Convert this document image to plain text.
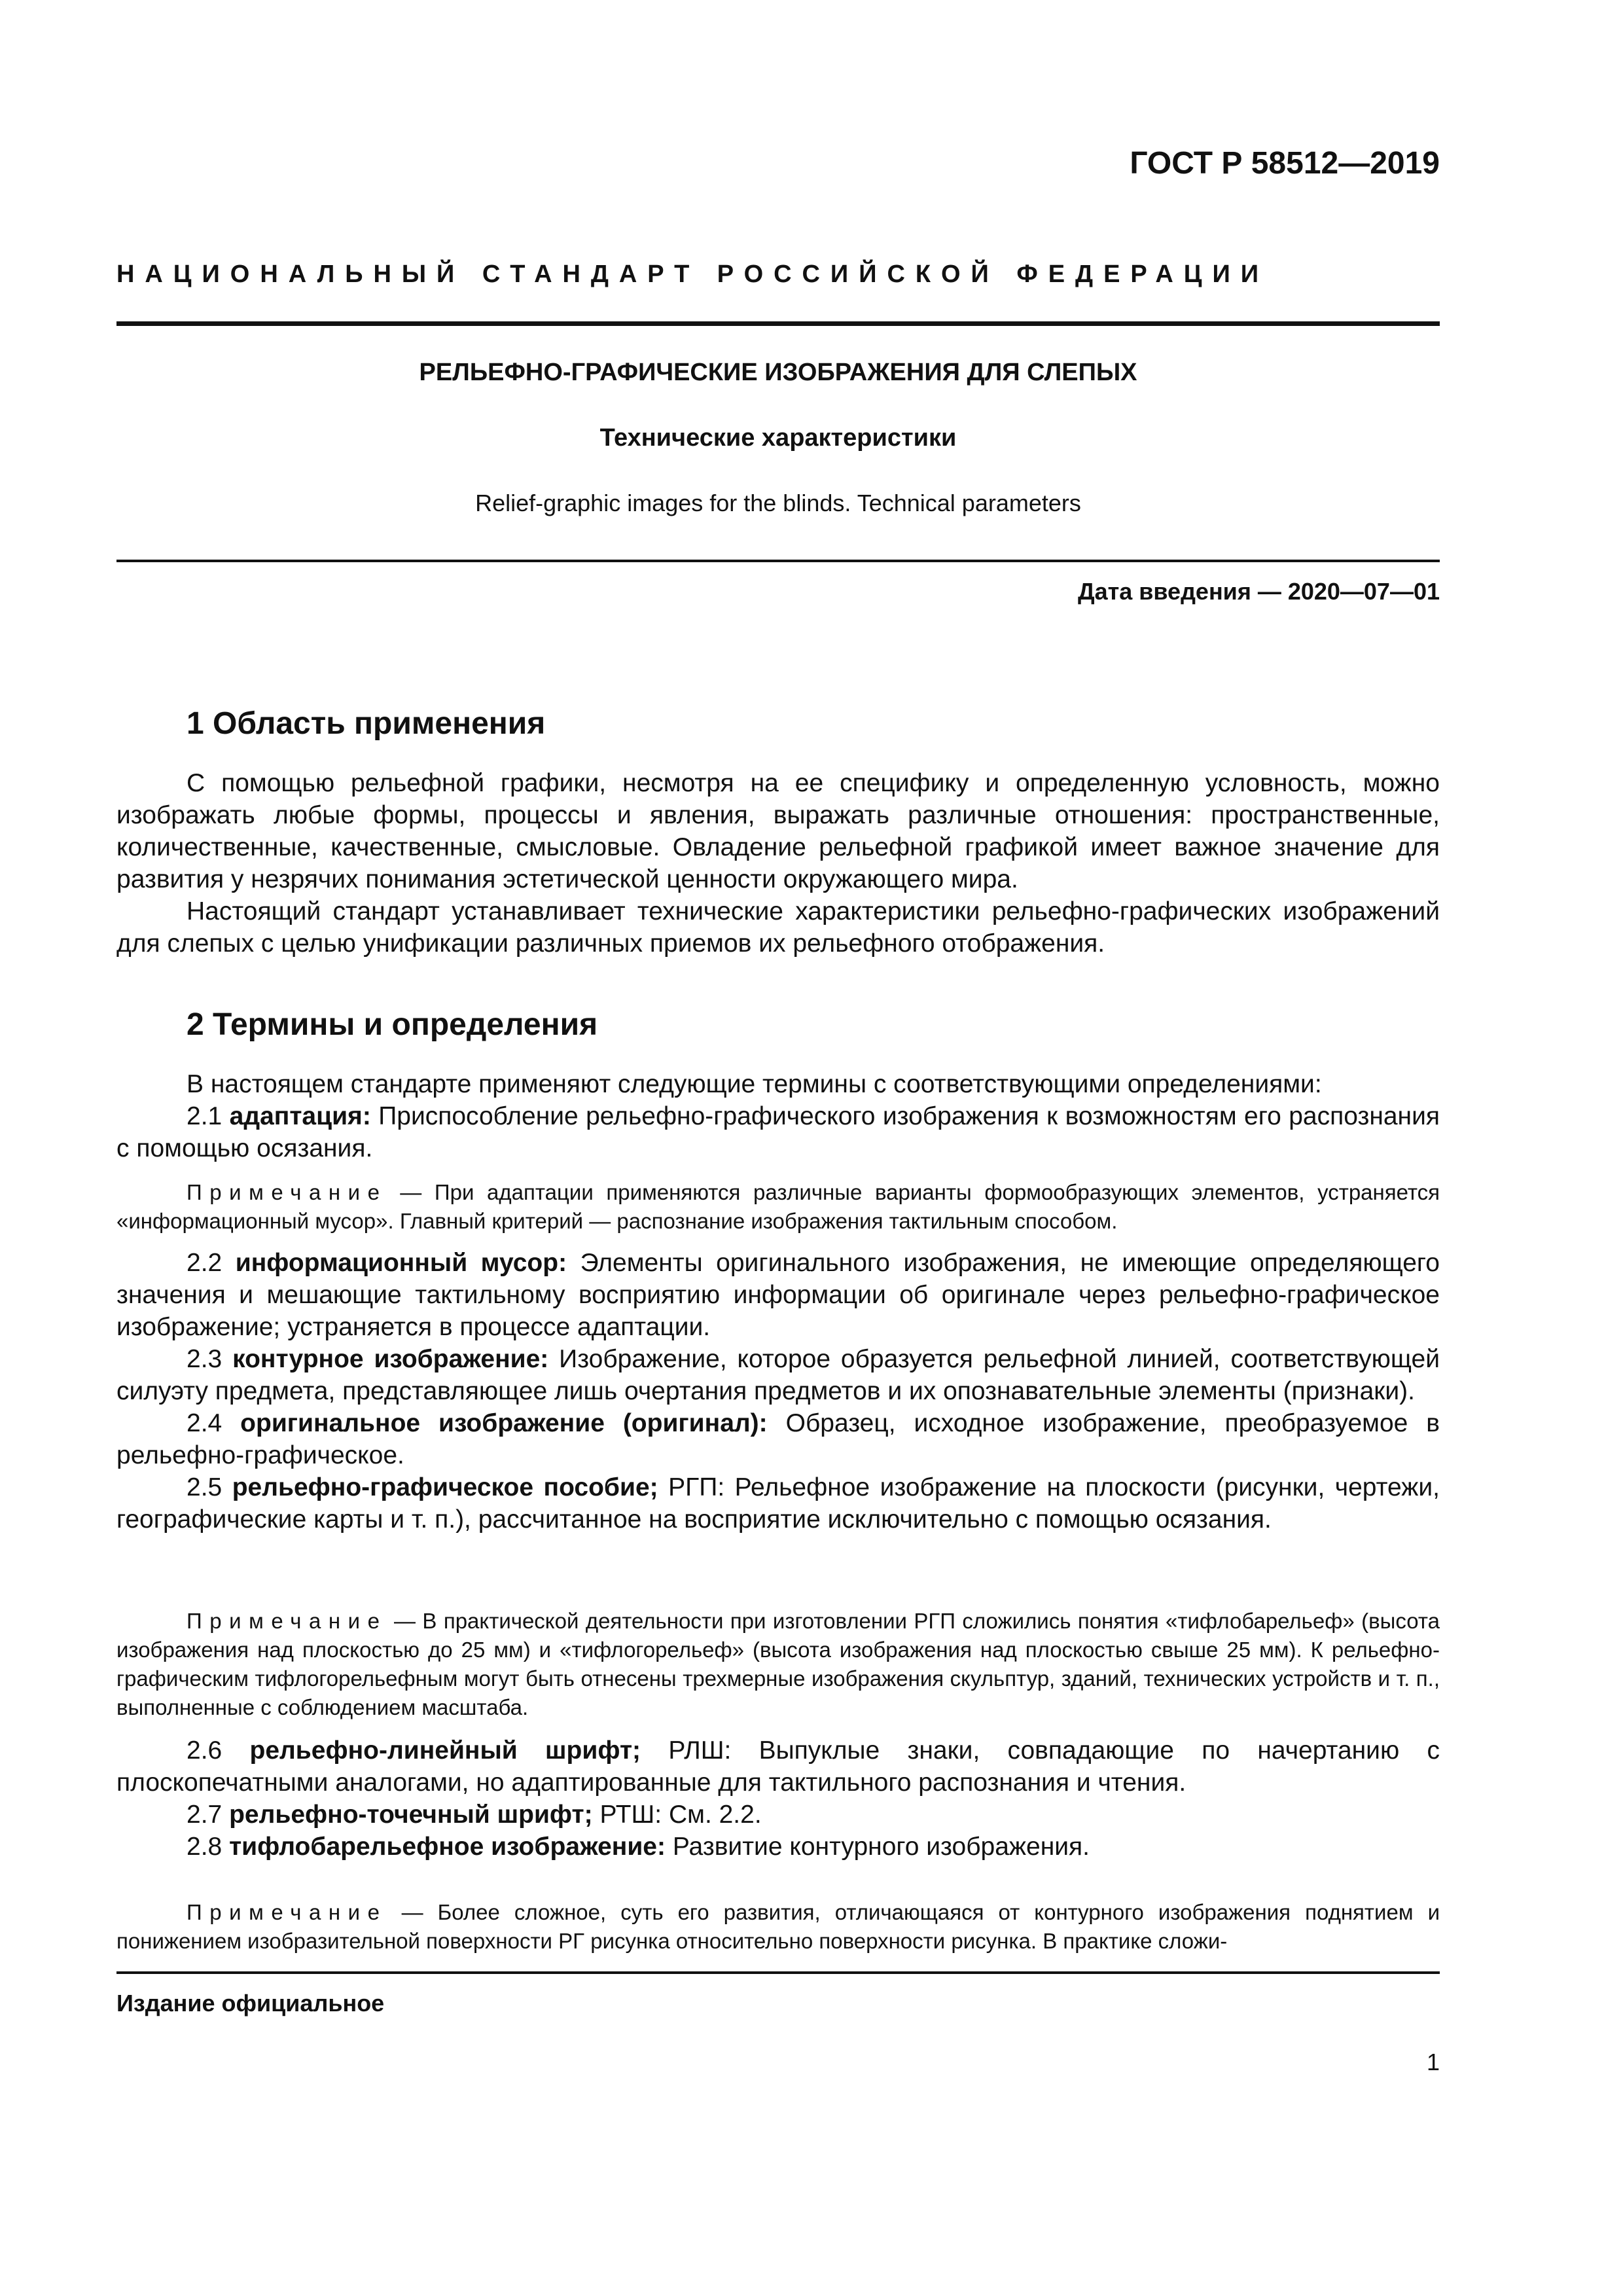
ГОСТ Р 58512—2019
НАЦИОНАЛЬНЫЙ СТАНДАРТ РОССИЙСКОЙ ФЕДЕРАЦИИ
РЕЛЬЕФНО-ГРАФИЧЕСКИЕ ИЗОБРАЖЕНИЯ ДЛЯ СЛЕПЫХ
Технические характеристики
Relief-graphic images for the blinds. Technical parameters
Дата введения — 2020—07—01
1 Область применения

С помощью рельефной графики, несмотря на ее специфику и определенную условность, можно изображать любые формы, процессы и явления, выражать различные отношения: пространственные, количественные, качественные, смысловые. Овладение рельефной графикой имеет важное значение для развития у незрячих понимания эстетической ценности окружающего мира.

Настоящий стандарт устанавливает технические характеристики рельефно-графических изображений для слепых с целью унификации различных приемов их рельефного отображения.

2 Термины и определения

В настоящем стандарте применяют следующие термины с соответствующими определениями:

2.1 адаптация: Приспособление рельефно-графического изображения к возможностям его распознания с помощью осязания.

Примечание — При адаптации применяются различные варианты формообразующих элементов, устраняется «информационный мусор». Главный критерий — распознание изображения тактильным способом.

2.2 информационный мусор: Элементы оригинального изображения, не имеющие определяющего значения и мешающие тактильному восприятию информации об оригинале через рельефно-графическое изображение; устраняется в процессе адаптации.

2.3 контурное изображение: Изображение, которое образуется рельефной линией, соответствующей силуэту предмета, представляющее лишь очертания предметов и их опознавательные элементы (признаки).

2.4 оригинальное изображение (оригинал): Образец, исходное изображение, преобразуемое в рельефно-графическое.

2.5 рельефно-графическое пособие; РГП: Рельефное изображение на плоскости (рисунки, чертежи, географические карты и т. п.), рассчитанное на восприятие исключительно с помощью осязания.

Примечание — В практической деятельности при изготовлении РГП сложились понятия «тифлобарельеф» (высота изображения над плоскостью до 25 мм) и «тифлогорельеф» (высота изображения над плоскостью свыше 25 мм). К рельефно-графическим тифлогорельефным могут быть отнесены трехмерные изображения скульптур, зданий, технических устройств и т. п., выполненные с соблюдением масштаба.

2.6 рельефно-линейный шрифт; РЛШ: Выпуклые знаки, совпадающие по начертанию с плоскопечатными аналогами, но адаптированные для тактильного распознания и чтения.

2.7 рельефно-точечный шрифт; РТШ: См. 2.2.

2.8 тифлобарельефное изображение: Развитие контурного изображения.

Примечание — Более сложное, суть его развития, отличающаяся от контурного изображения поднятием и понижением изобразительной поверхности РГ рисунка относительно поверхности рисунка. В практике сложи-

Издание официальное
1
